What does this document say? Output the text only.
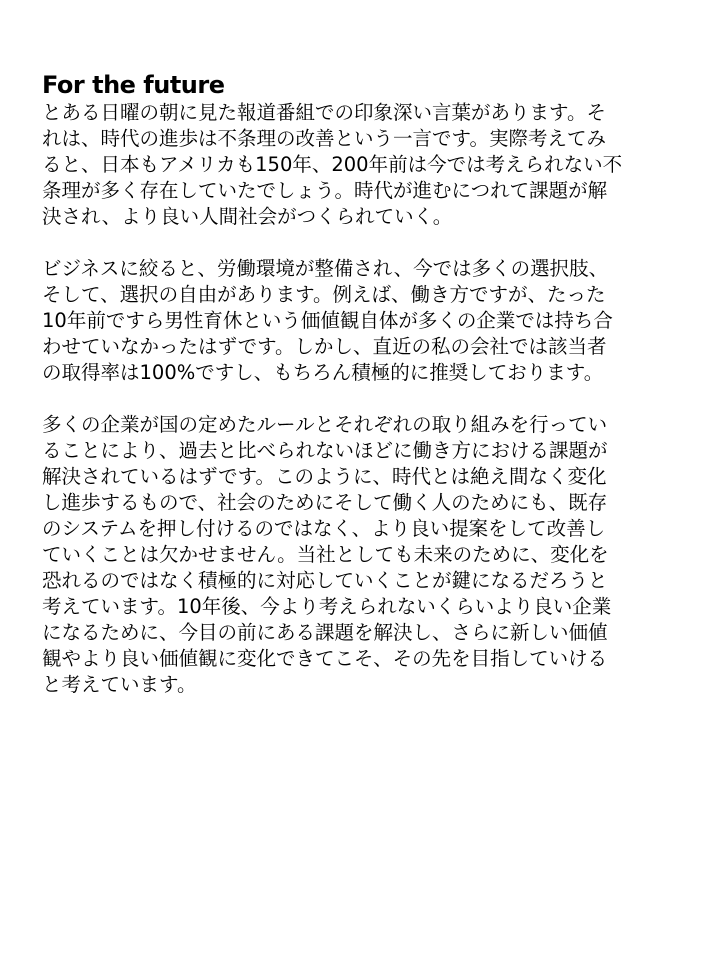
For the future
とある日曜の朝に見た報道番組での印象深い言葉があります。そ
れは、時代の進歩は不条理の改善という一言です。実際考えてみ
ると、日本もアメリカも150年、200年前は今では考えられない不
条理が多く存在していたでしょう。時代が進むにつれて課題が解
決され、より良い人間社会がつくられていく。
ビジネスに絞ると、労働環境が整備され、今では多くの選択肢、
そして、選択の自由があります。例えば、働き方ですが、たった
10年前ですら男性育休という価値観自体が多くの企業では持ち合
わせていなかったはずです。しかし、直近の私の会社では該当者
の取得率は100%ですし、もちろん積極的に推奨しております。
多くの企業が国の定めたルールとそれぞれの取り組みを行ってい
ることにより、過去と比べられないほどに働き方における課題が
解決されているはずです。このように、時代とは絶え間なく変化
し進歩するもので、社会のためにそして働く人のためにも、既存
のシステムを押し付けるのではなく、より良い提案をして改善し
ていくことは欠かせません。当社としても未来のために、変化を
恐れるのではなく積極的に対応していくことが鍵になるだろうと
考えています。10年後、今より考えられないくらいより良い企業
になるために、今目の前にある課題を解決し、さらに新しい価値
観やより良い価値観に変化できてこそ、その先を目指していける
と考えています。
